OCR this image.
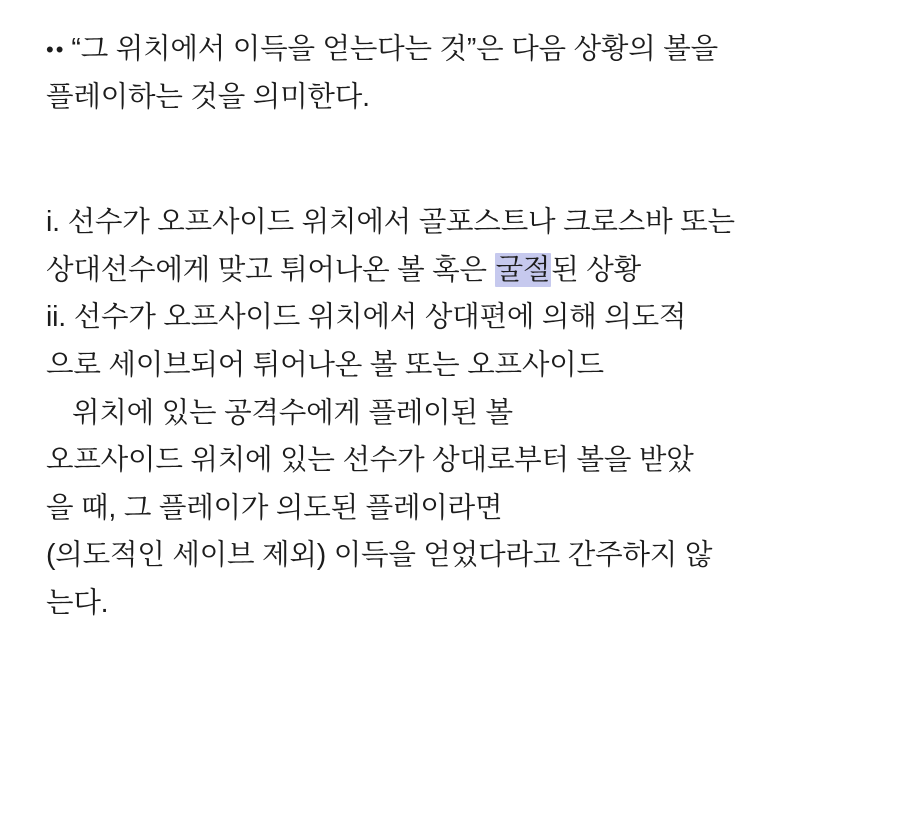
•• “그 위치에서 이득을 얻는다는 것”은 다음 상황의 볼을 플레이하는 것을 의미한다.

i. 선수가 오프사이드 위치에서 골포스트나 크로스바 또는 상대선수에게 맞고 튀어나온 볼 혹은 굴절된 상황
ii. 선수가 오프사이드 위치에서 상대편에 의해 의도적
으로 세이브되어 튀어나온 볼 또는 오프사이드
위치에 있는 공격수에게 플레이된 볼
오프사이드 위치에 있는 선수가 상대로부터 볼을 받았
을 때, 그 플레이가 의도된 플레이라면
(의도적인 세이브 제외) 이득을 얻었다라고 간주하지 않
는다.
